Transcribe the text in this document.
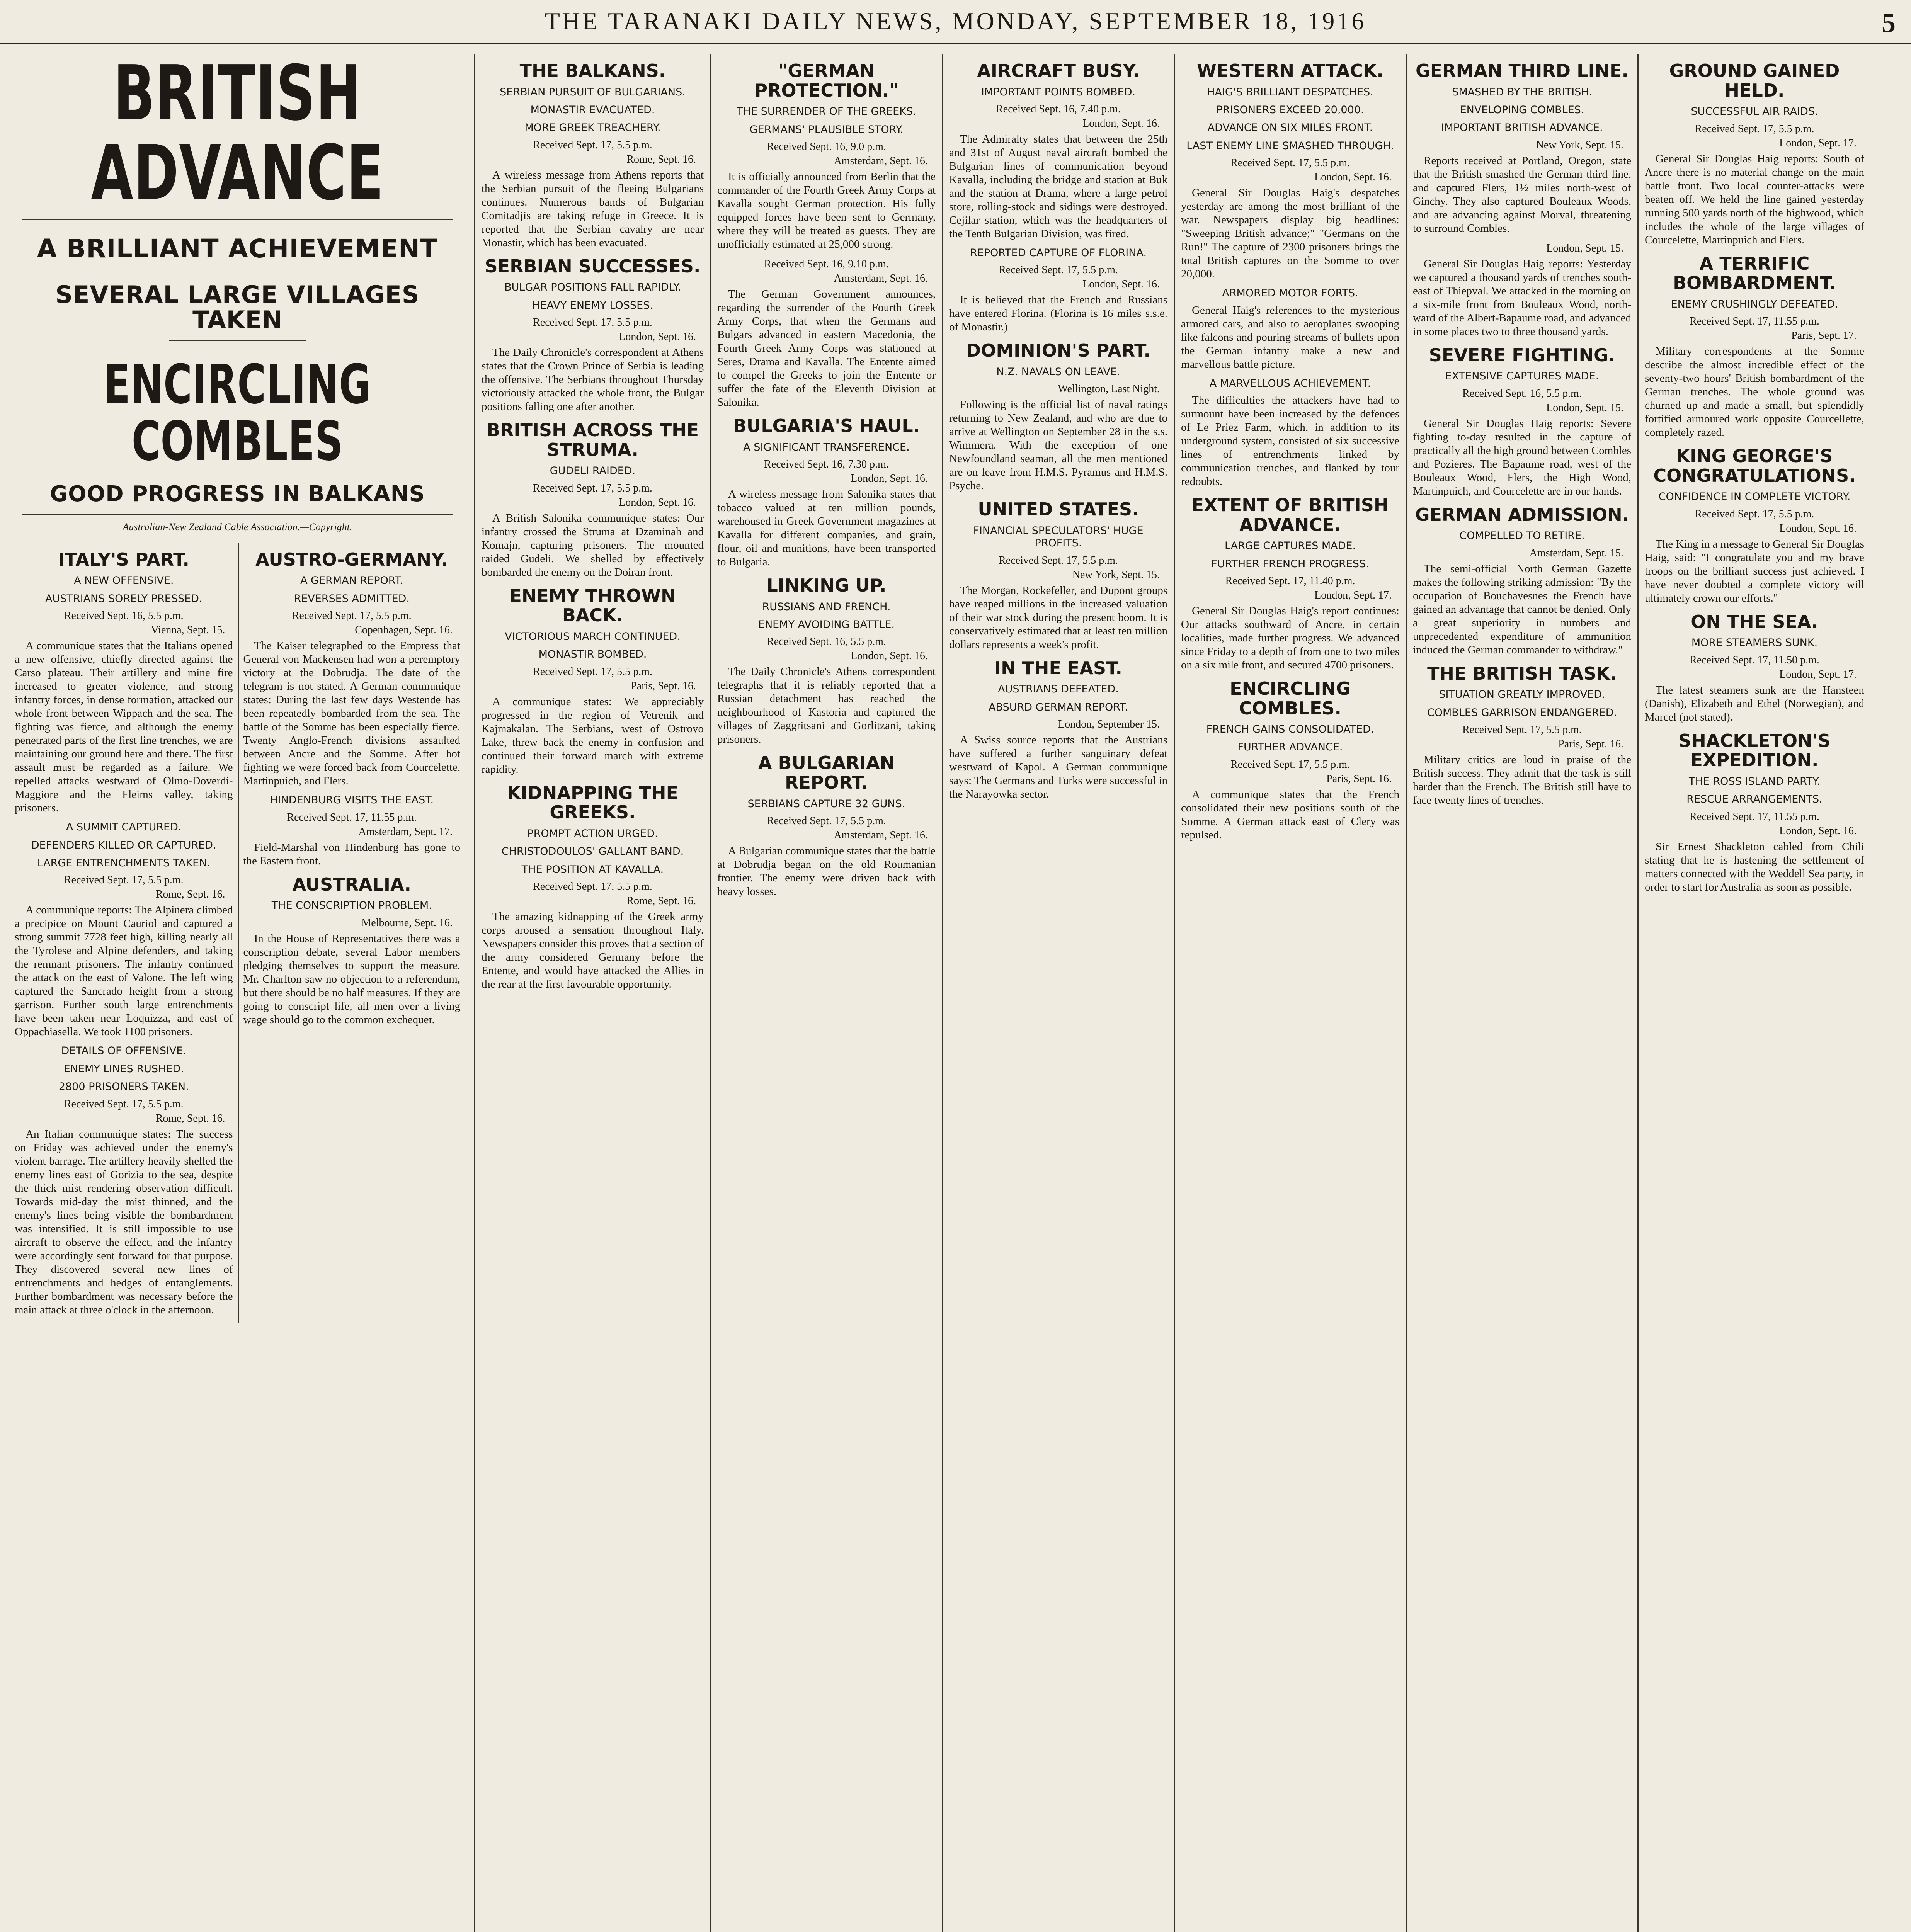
THE TARANAKI DAILY NEWS, MONDAY, SEPTEMBER 18, 1916	5
BRITISH ADVANCE
A BRILLIANT ACHIEVEMENT
SEVERAL LARGE VILLAGES TAKEN
ENCIRCLING COMBLES
GOOD PROGRESS IN BALKANS
Australian-New Zealand Cable Association.—Copyright.
ITALY'S PART.
A NEW OFFENSIVE.
AUSTRIANS SORELY PRESSED.
Received Sept. 16, 5.5 p.m.
Vienna, Sept. 15.

A communique states that the Italians opened a new offensive, chiefly directed against the Carso plateau. Their artillery and mine fire increased to greater violence, and strong infantry forces, in dense formation, attacked our whole front between Wippach and the sea. The fighting was fierce, and although the enemy penetrated parts of the first line trenches, we are maintaining our ground here and there. The first assault must be regarded as a failure. We repelled attacks westward of Olmo-Doverdi-Maggiore and the Fleims valley, taking prisoners.

A SUMMIT CAPTURED.
DEFENDERS KILLED OR CAPTURED.
LARGE ENTRENCHMENTS TAKEN.
Received Sept. 17, 5.5 p.m.
Rome, Sept. 16.

A communique reports: The Alpinera climbed a precipice on Mount Cauriol and captured a strong summit 7728 feet high, killing nearly all the Tyrolese and Alpine defenders, and taking the remnant prisoners. The infantry continued the attack on the east of Valone. The left wing captured the Sancrado height from a strong garrison. Further south large entrenchments have been taken near Loquizza, and east of Oppachiasella. We took 1100 prisoners.

DETAILS OF OFFENSIVE.
ENEMY LINES RUSHED.
2800 PRISONERS TAKEN.
Received Sept. 17, 5.5 p.m.
Rome, Sept. 16.

An Italian communique states: The success on Friday was achieved under the enemy's violent barrage. The artillery heavily shelled the enemy lines east of Gorizia to the sea, despite the thick mist rendering observation difficult. Towards mid-day the mist thinned, and the enemy's lines being visible the bombardment was intensified. It is still impossible to use aircraft to observe the effect, and the infantry were accordingly sent forward for that purpose. They discovered several new lines of entrenchments and hedges of entanglements. Further bombardment was necessary before the main attack at three o'clock in the afternoon.

AUSTRO-GERMANY.
A GERMAN REPORT.
REVERSES ADMITTED.
Received Sept. 17, 5.5 p.m.
Copenhagen, Sept. 16.

The Kaiser telegraphed to the Empress that General von Mackensen had won a peremptory victory at the Dobrudja. The date of the telegram is not stated. A German communique states: During the last few days Westende has been repeatedly bombarded from the sea. The battle of the Somme has been especially fierce. Twenty Anglo-French divisions assaulted between Ancre and the Somme. After hot fighting we were forced back from Courcelette, Martinpuich, and Flers.

HINDENBURG VISITS THE EAST.
Received Sept. 17, 11.55 p.m.
Amsterdam, Sept. 17.

Field-Marshal von Hindenburg has gone to the Eastern front.

AUSTRALIA.
THE CONSCRIPTION PROBLEM.
Melbourne, Sept. 16.

In the House of Representatives there was a conscription debate, several Labor members pledging themselves to support the measure. Mr. Charlton saw no objection to a referendum, but there should be no half measures. If they are going to conscript life, all men over a living wage should go to the common exchequer.

THE BALKANS.
SERBIAN PURSUIT OF BULGARIANS.
MONASTIR EVACUATED.
MORE GREEK TREACHERY.
Received Sept. 17, 5.5 p.m.
Rome, Sept. 16.

A wireless message from Athens reports that the Serbian pursuit of the fleeing Bulgarians continues. Numerous bands of Bulgarian Comitadjis are taking refuge in Greece. It is reported that the Serbian cavalry are near Monastir, which has been evacuated.

SERBIAN SUCCESSES.
BULGAR POSITIONS FALL RAPIDLY.
HEAVY ENEMY LOSSES.
Received Sept. 17, 5.5 p.m.
London, Sept. 16.

The Daily Chronicle's correspondent at Athens states that the Crown Prince of Serbia is leading the offensive. The Serbians throughout Thursday victoriously attacked the whole front, the Bulgar positions falling one after another.

BRITISH ACROSS THE STRUMA.
GUDELI RAIDED.
Received Sept. 17, 5.5 p.m.
London, Sept. 16.

A British Salonika communique states: Our infantry crossed the Struma at Dzaminah and Komajn, capturing prisoners. The mounted raided Gudeli. We shelled by effectively bombarded the enemy on the Doiran front.

ENEMY THROWN BACK.
VICTORIOUS MARCH CONTINUED.
MONASTIR BOMBED.
Received Sept. 17, 5.5 p.m.
Paris, Sept. 16.

A communique states: We appreciably progressed in the region of Vetrenik and Kajmakalan. The Serbians, west of Ostrovo Lake, threw back the enemy in confusion and continued their forward march with extreme rapidity.

KIDNAPPING THE GREEKS.
PROMPT ACTION URGED.
CHRISTODOULOS' GALLANT BAND.
THE POSITION AT KAVALLA.
Received Sept. 17, 5.5 p.m.
Rome, Sept. 16.

The amazing kidnapping of the Greek army corps aroused a sensation throughout Italy. Newspapers consider this proves that a section of the army considered Germany before the Entente, and would have attacked the Allies in the rear at the first favourable opportunity.

"GERMAN PROTECTION."
THE SURRENDER OF THE GREEKS.
GERMANS' PLAUSIBLE STORY.
Received Sept. 16, 9.0 p.m.
Amsterdam, Sept. 16.

It is officially announced from Berlin that the commander of the Fourth Greek Army Corps at Kavalla sought German protection. His fully equipped forces have been sent to Germany, where they will be treated as guests. They are unofficially estimated at 25,000 strong.

Received Sept. 16, 9.10 p.m.
Amsterdam, Sept. 16.

The German Government announces, regarding the surrender of the Fourth Greek Army Corps, that when the Germans and Bulgars advanced in eastern Macedonia, the Fourth Greek Army Corps was stationed at Seres, Drama and Kavalla. The Entente aimed to compel the Greeks to join the Entente or suffer the fate of the Eleventh Division at Salonika.

BULGARIA'S HAUL.
A SIGNIFICANT TRANSFERENCE.
Received Sept. 16, 7.30 p.m.
London, Sept. 16.

A wireless message from Salonika states that tobacco valued at ten million pounds, warehoused in Greek Government magazines at Kavalla for different companies, and grain, flour, oil and munitions, have been transported to Bulgaria.

LINKING UP.
RUSSIANS AND FRENCH.
ENEMY AVOIDING BATTLE.
Received Sept. 16, 5.5 p.m.
London, Sept. 16.

The Daily Chronicle's Athens correspondent telegraphs that it is reliably reported that a Russian detachment has reached the neighbourhood of Kastoria and captured the villages of Zaggritsani and Gorlitzani, taking prisoners.

A BULGARIAN REPORT.
SERBIANS CAPTURE 32 GUNS.
Received Sept. 17, 5.5 p.m.
Amsterdam, Sept. 16.

A Bulgarian communique states that the battle at Dobrudja began on the old Roumanian frontier. The enemy were driven back with heavy losses.

AIRCRAFT BUSY.
IMPORTANT POINTS BOMBED.
Received Sept. 16, 7.40 p.m.
London, Sept. 16.

The Admiralty states that between the 25th and 31st of August naval aircraft bombed the Bulgarian lines of communication beyond Kavalla, including the bridge and station at Buk and the station at Drama, where a large petrol store, rolling-stock and sidings were destroyed. Cejilar station, which was the headquarters of the Tenth Bulgarian Division, was fired.

REPORTED CAPTURE OF FLORINA.
Received Sept. 17, 5.5 p.m.
London, Sept. 16.

It is believed that the French and Russians have entered Florina. (Florina is 16 miles s.s.e. of Monastir.)

DOMINION'S PART.
N.Z. NAVALS ON LEAVE.
Wellington, Last Night.

Following is the official list of naval ratings returning to New Zealand, and who are due to arrive at Wellington on September 28 in the s.s. Wimmera. With the exception of one Newfoundland seaman, all the men mentioned are on leave from H.M.S. Pyramus and H.M.S. Psyche.

UNITED STATES.
FINANCIAL SPECULATORS' HUGE PROFITS.
Received Sept. 17, 5.5 p.m.
New York, Sept. 15.

The Morgan, Rockefeller, and Dupont groups have reaped millions in the increased valuation of their war stock during the present boom. It is conservatively estimated that at least ten million dollars represents a week's profit.

IN THE EAST.
AUSTRIANS DEFEATED.
ABSURD GERMAN REPORT.
London, September 15.

A Swiss source reports that the Austrians have suffered a further sanguinary defeat westward of Kapol. A German communique says: The Germans and Turks were successful in the Narayowka sector.

WESTERN ATTACK.
HAIG'S BRILLIANT DESPATCHES.
PRISONERS EXCEED 20,000.
ADVANCE ON SIX MILES FRONT.
LAST ENEMY LINE SMASHED THROUGH.
Received Sept. 17, 5.5 p.m.
London, Sept. 16.

General Sir Douglas Haig's despatches yesterday are among the most brilliant of the war. Newspapers display big headlines: "Sweeping British advance;" "Germans on the Run!" The capture of 2300 prisoners brings the total British captures on the Somme to over 20,000.

ARMORED MOTOR FORTS.

General Haig's references to the mysterious armored cars, and also to aeroplanes swooping like falcons and pouring streams of bullets upon the German infantry make a new and marvellous battle picture.

A MARVELLOUS ACHIEVEMENT.

The difficulties the attackers have had to surmount have been increased by the defences of Le Priez Farm, which, in addition to its underground system, consisted of six successive lines of entrenchments linked by communication trenches, and flanked by tour redoubts.

EXTENT OF BRITISH ADVANCE.
LARGE CAPTURES MADE.
FURTHER FRENCH PROGRESS.
Received Sept. 17, 11.40 p.m.
London, Sept. 17.

General Sir Douglas Haig's report continues: Our attacks southward of Ancre, in certain localities, made further progress. We advanced since Friday to a depth of from one to two miles on a six mile front, and secured 4700 prisoners.

ENCIRCLING COMBLES.
FRENCH GAINS CONSOLIDATED.
FURTHER ADVANCE.
Received Sept. 17, 5.5 p.m.
Paris, Sept. 16.

A communique states that the French consolidated their new positions south of the Somme. A German attack east of Clery was repulsed.

GERMAN THIRD LINE.
SMASHED BY THE BRITISH.
ENVELOPING COMBLES.
IMPORTANT BRITISH ADVANCE.
New York, Sept. 15.

Reports received at Portland, Oregon, state that the British smashed the German third line, and captured Flers, 1½ miles north-west of Ginchy. They also captured Bouleaux Woods, and are advancing against Morval, threatening to surround Combles.

London, Sept. 15.

General Sir Douglas Haig reports: Yesterday we captured a thousand yards of trenches south-east of Thiepval. We attacked in the morning on a six-mile front from Bouleaux Wood, north-ward of the Albert-Bapaume road, and advanced in some places two to three thousand yards.

SEVERE FIGHTING.
EXTENSIVE CAPTURES MADE.
Received Sept. 16, 5.5 p.m.
London, Sept. 15.

General Sir Douglas Haig reports: Severe fighting to-day resulted in the capture of practically all the high ground between Combles and Pozieres. The Bapaume road, west of the Bouleaux Wood, Flers, the High Wood, Martinpuich, and Courcelette are in our hands.

GERMAN ADMISSION.
COMPELLED TO RETIRE.
Amsterdam, Sept. 15.

The semi-official North German Gazette makes the following striking admission: "By the occupation of Bouchavesnes the French have gained an advantage that cannot be denied. Only a great superiority in numbers and unprecedented expenditure of ammunition induced the German commander to withdraw."

THE BRITISH TASK.
SITUATION GREATLY IMPROVED.
COMBLES GARRISON ENDANGERED.
Received Sept. 17, 5.5 p.m.
Paris, Sept. 16.

Military critics are loud in praise of the British success. They admit that the task is still harder than the French. The British still have to face twenty lines of trenches.

GROUND GAINED HELD.
SUCCESSFUL AIR RAIDS.
Received Sept. 17, 5.5 p.m.
London, Sept. 17.

General Sir Douglas Haig reports: South of Ancre there is no material change on the main battle front. Two local counter-attacks were beaten off. We held the line gained yesterday running 500 yards north of the highwood, which includes the whole of the large villages of Courcelette, Martinpuich and Flers.

A TERRIFIC BOMBARDMENT.
ENEMY CRUSHINGLY DEFEATED.
Received Sept. 17, 11.55 p.m.
Paris, Sept. 17.

Military correspondents at the Somme describe the almost incredible effect of the seventy-two hours' British bombardment of the German trenches. The whole ground was churned up and made a small, but splendidly fortified armoured work opposite Courcellette, completely razed.

KING GEORGE'S CONGRATULATIONS.
CONFIDENCE IN COMPLETE VICTORY.
Received Sept. 17, 5.5 p.m.
London, Sept. 16.

The King in a message to General Sir Douglas Haig, said: "I congratulate you and my brave troops on the brilliant success just achieved. I have never doubted a complete victory will ultimately crown our efforts."

ON THE SEA.
MORE STEAMERS SUNK.
Received Sept. 17, 11.50 p.m.
London, Sept. 17.

The latest steamers sunk are the Hansteen (Danish), Elizabeth and Ethel (Norwegian), and Marcel (not stated).

SHACKLETON'S EXPEDITION.
THE ROSS ISLAND PARTY.
RESCUE ARRANGEMENTS.
Received Sept. 17, 11.55 p.m.
London, Sept. 16.

Sir Ernest Shackleton cabled from Chili stating that he is hastening the settlement of matters connected with the Weddell Sea party, in order to start for Australia as soon as possible.
